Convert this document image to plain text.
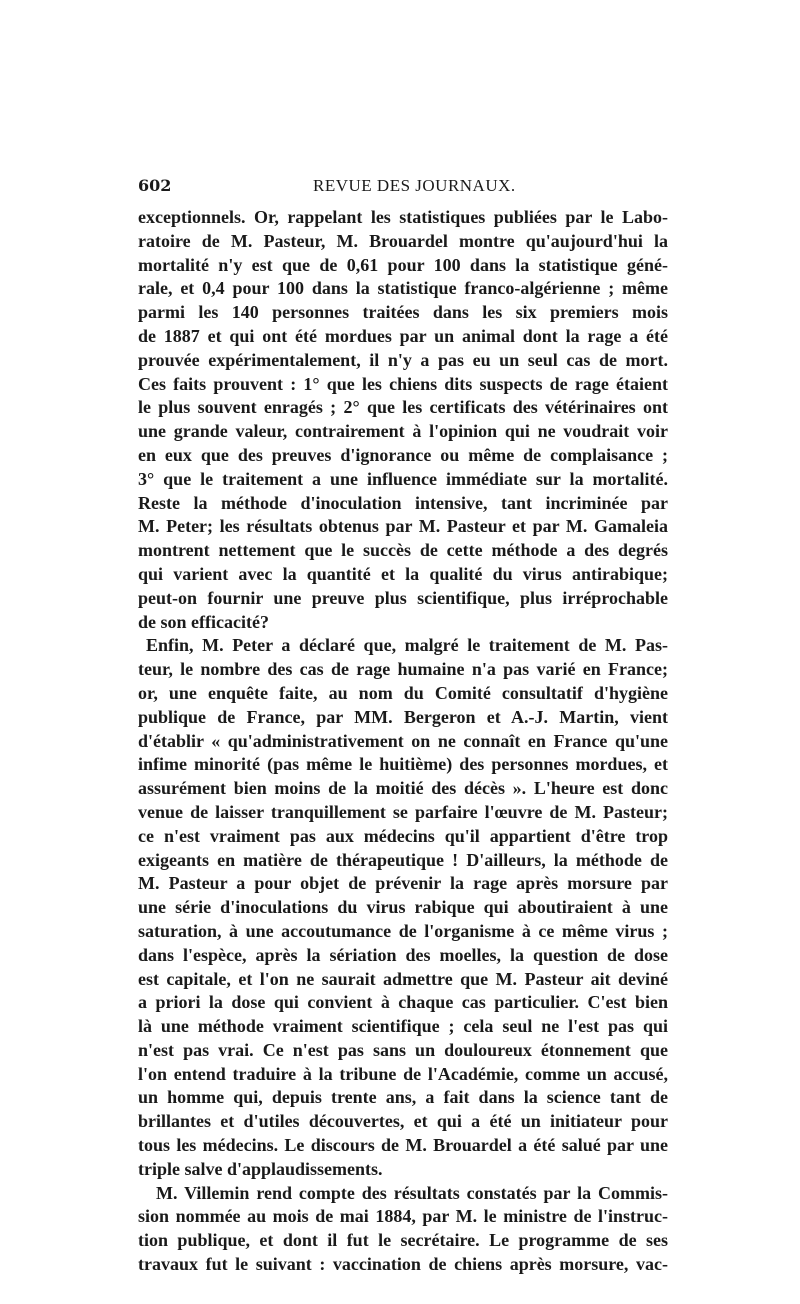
602	REVUE DES JOURNAUX.
exceptionnels. Or, rappelant les statistiques publiées par le Labo-
ratoire de M. Pasteur, M. Brouardel montre qu'aujourd'hui la
mortalité n'y est que de 0,61 pour 100 dans la statistique géné-
rale, et 0,4 pour 100 dans la statistique franco-algérienne ; même
parmi les 140 personnes traitées dans les six premiers mois
de 1887 et qui ont été mordues par un animal dont la rage a été
prouvée expérimentalement, il n'y a pas eu un seul cas de mort.
Ces faits prouvent : 1° que les chiens dits suspects de rage étaient
le plus souvent enragés ; 2° que les certificats des vétérinaires ont
une grande valeur, contrairement à l'opinion qui ne voudrait voir
en eux que des preuves d'ignorance ou même de complaisance ;
3° que le traitement a une influence immédiate sur la mortalité.
Reste la méthode d'inoculation intensive, tant incriminée par
M. Peter; les résultats obtenus par M. Pasteur et par M. Gamaleia
montrent nettement que le succès de cette méthode a des degrés
qui varient avec la quantité et la qualité du virus antirabique;
peut-on fournir une preuve plus scientifique, plus irréprochable
de son efficacité?
Enfin, M. Peter a déclaré que, malgré le traitement de M. Pas-
teur, le nombre des cas de rage humaine n'a pas varié en France;
or, une enquête faite, au nom du Comité consultatif d'hygiène
publique de France, par MM. Bergeron et A.-J. Martin, vient
d'établir « qu'administrativement on ne connaît en France qu'une
infime minorité (pas même le huitième) des personnes mordues, et
assurément bien moins de la moitié des décès ». L'heure est donc
venue de laisser tranquillement se parfaire l'œuvre de M. Pasteur;
ce n'est vraiment pas aux médecins qu'il appartient d'être trop
exigeants en matière de thérapeutique ! D'ailleurs, la méthode de
M. Pasteur a pour objet de prévenir la rage après morsure par
une série d'inoculations du virus rabique qui aboutiraient à une
saturation, à une accoutumance de l'organisme à ce même virus ;
dans l'espèce, après la sériation des moelles, la question de dose
est capitale, et l'on ne saurait admettre que M. Pasteur ait deviné
a priori la dose qui convient à chaque cas particulier. C'est bien
là une méthode vraiment scientifique ; cela seul ne l'est pas qui
n'est pas vrai. Ce n'est pas sans un douloureux étonnement que
l'on entend traduire à la tribune de l'Académie, comme un accusé,
un homme qui, depuis trente ans, a fait dans la science tant de
brillantes et d'utiles découvertes, et qui a été un initiateur pour
tous les médecins. Le discours de M. Brouardel a été salué par une
triple salve d'applaudissements.
M. Villemin rend compte des résultats constatés par la Commis-
sion nommée au mois de mai 1884, par M. le ministre de l'instruc-
tion publique, et dont il fut le secrétaire. Le programme de ses
travaux fut le suivant : vaccination de chiens après morsure, vac-
